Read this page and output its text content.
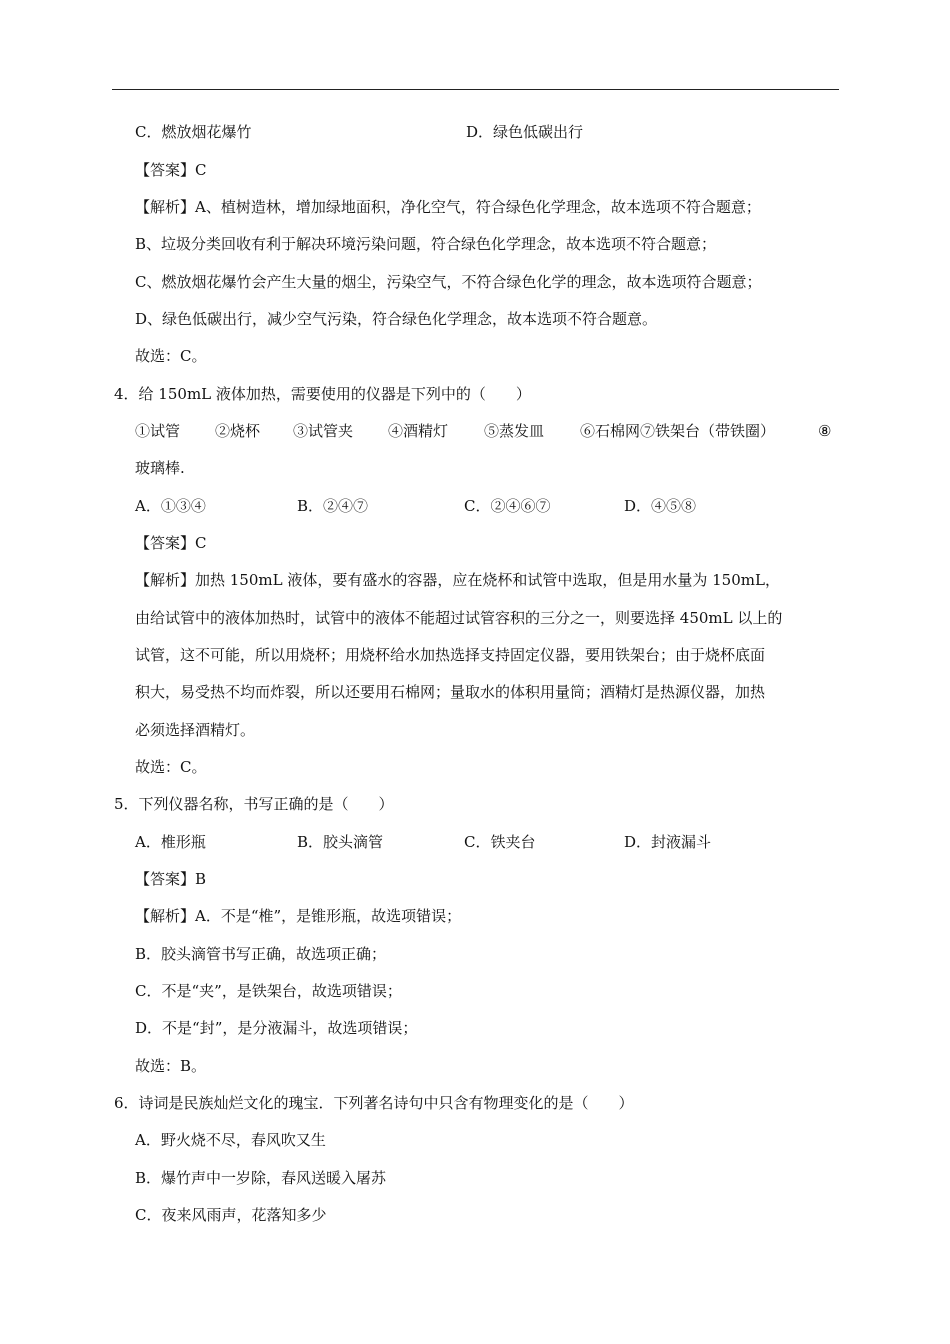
C．燃放烟花爆竹	D．绿色低碳出行
【答案】C
【解析】A、植树造林，增加绿地面积，净化空气，符合绿色化学理念，故本选项不符合题意；
B、垃圾分类回收有利于解决环境污染问题，符合绿色化学理念，故本选项不符合题意；
C、燃放烟花爆竹会产生大量的烟尘，污染空气，不符合绿色化学的理念，故本选项符合题意；
D、绿色低碳出行，减少空气污染，符合绿色化学理念，故本选项不符合题意。
故选：C。
4．给 150mL 液体加热，需要使用的仪器是下列中的（　　）
①试管 ②烧杯 ③试管夹 ④酒精灯 ⑤蒸发皿 ⑥石棉网⑦铁架台（带铁圈）	⑧
玻璃棒.
A．①③④	B．②④⑦	C．②④⑥⑦	D．④⑤⑧
【答案】C
【解析】加热 150mL 液体，要有盛水的容器，应在烧杯和试管中选取，但是用水量为 150mL，
由给试管中的液体加热时，试管中的液体不能超过试管容积的三分之一，则要选择 450mL 以上的
试管，这不可能，所以用烧杯；用烧杯给水加热选择支持固定仪器，要用铁架台；由于烧杯底面
积大，易受热不均而炸裂，所以还要用石棉网；量取水的体积用量筒；酒精灯是热源仪器，加热
必须选择酒精灯。
故选：C。
5．下列仪器名称，书写正确的是（　　）
A．椎形瓶	B．胶头滴管	C．铁夹台	D．封液漏斗
【答案】B
【解析】A．不是“椎”，是锥形瓶，故选项错误；
B．胶头滴管书写正确，故选项正确；
C．不是“夹”，是铁架台，故选项错误；
D．不是“封”，是分液漏斗，故选项错误；
故选：B。
6．诗词是民族灿烂文化的瑰宝．下列著名诗句中只含有物理变化的是（　　）
A．野火烧不尽，春风吹又生
B．爆竹声中一岁除，春风送暖入屠苏
C．夜来风雨声，花落知多少
